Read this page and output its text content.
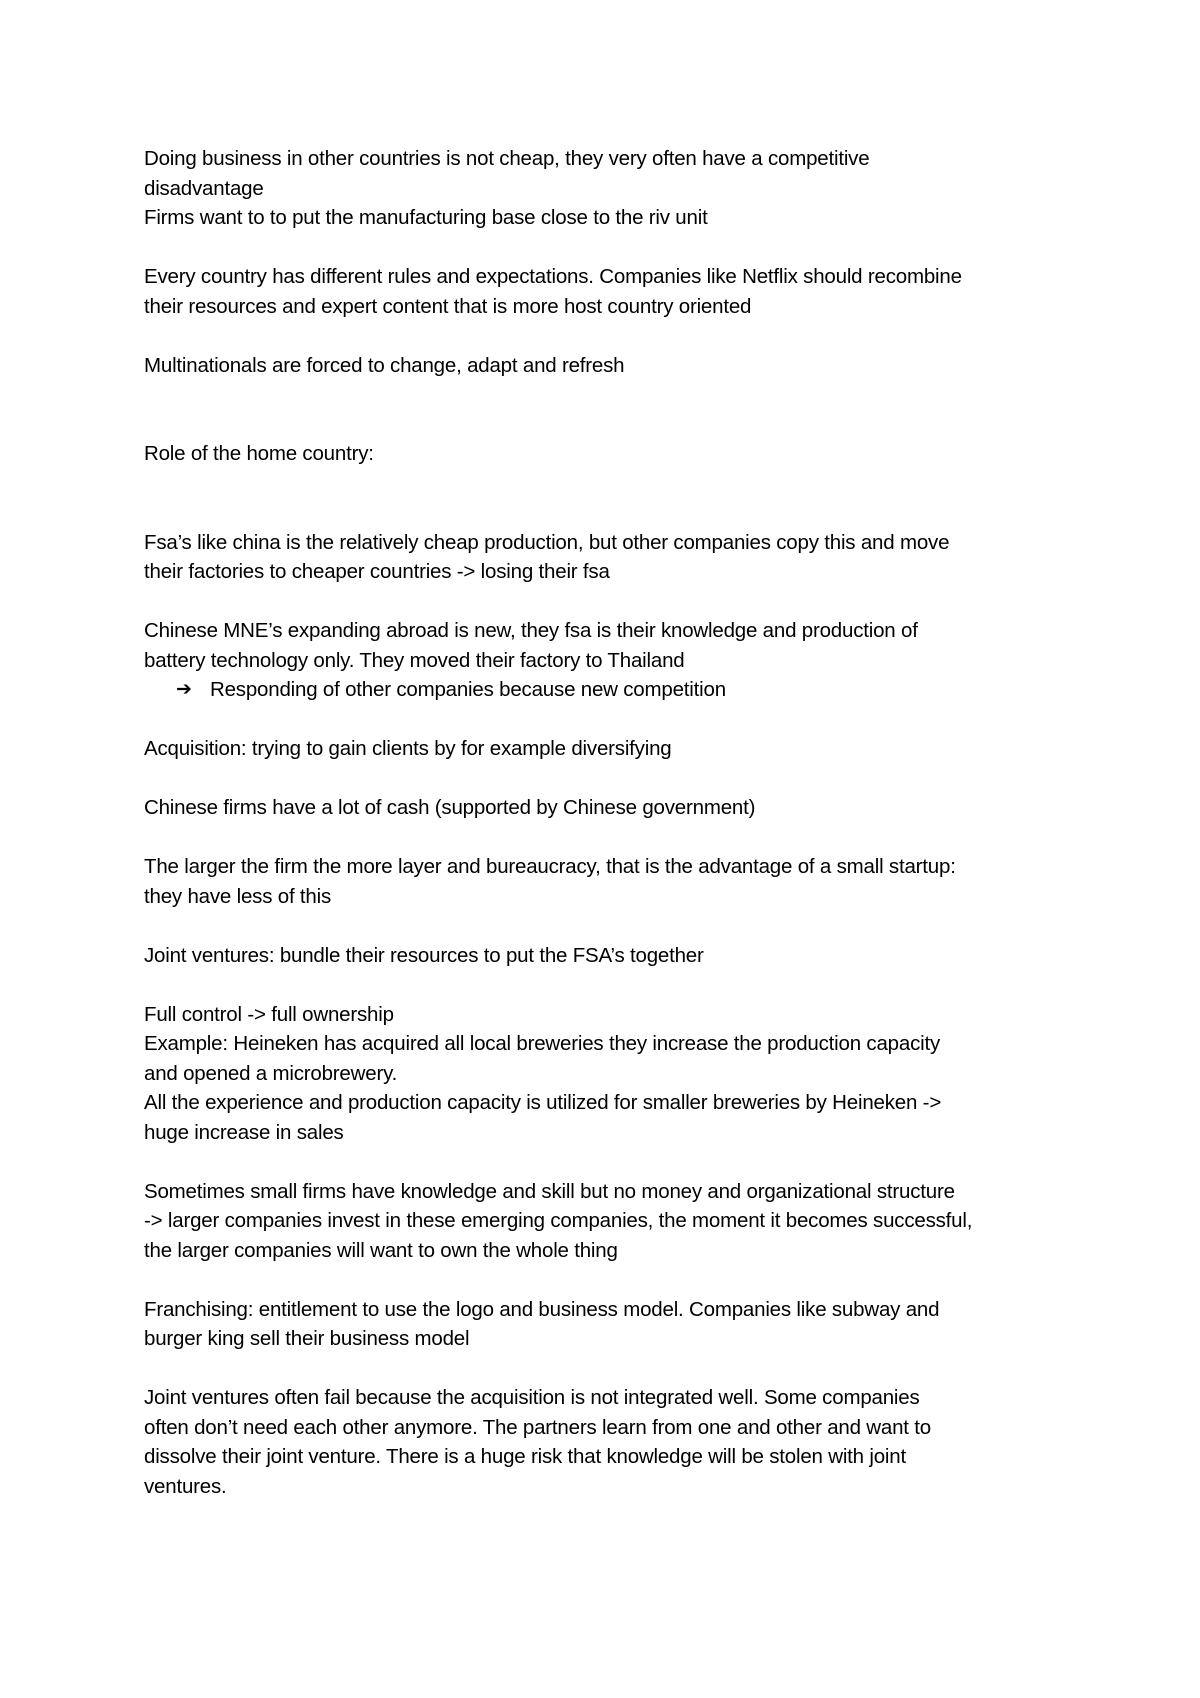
Doing business in other countries is not cheap, they very often have a competitive
disadvantage
Firms want to to put the manufacturing base close to the riv unit
Every country has different rules and expectations. Companies like Netflix should recombine
their resources and expert content that is more host country oriented
Multinationals are forced to change, adapt and refresh
Role of the home country:
Fsa’s like china is the relatively cheap production, but other companies copy this and move
their factories to cheaper countries -> losing their fsa
Chinese MNE’s expanding abroad is new, they fsa is their knowledge and production of
battery technology only. They moved their factory to Thailand
➔ Responding of other companies because new competition
Acquisition: trying to gain clients by for example diversifying
Chinese firms have a lot of cash (supported by Chinese government)
The larger the firm the more layer and bureaucracy, that is the advantage of a small startup:
they have less of this
Joint ventures: bundle their resources to put the FSA’s together
Full control -> full ownership
Example: Heineken has acquired all local breweries they increase the production capacity
and opened a microbrewery.
All the experience and production capacity is utilized for smaller breweries by Heineken ->
huge increase in sales
Sometimes small firms have knowledge and skill but no money and organizational structure
-> larger companies invest in these emerging companies, the moment it becomes successful,
the larger companies will want to own the whole thing
Franchising: entitlement to use the logo and business model. Companies like subway and
burger king sell their business model
Joint ventures often fail because the acquisition is not integrated well. Some companies
often don’t need each other anymore. The partners learn from one and other and want to
dissolve their joint venture. There is a huge risk that knowledge will be stolen with joint
ventures.
